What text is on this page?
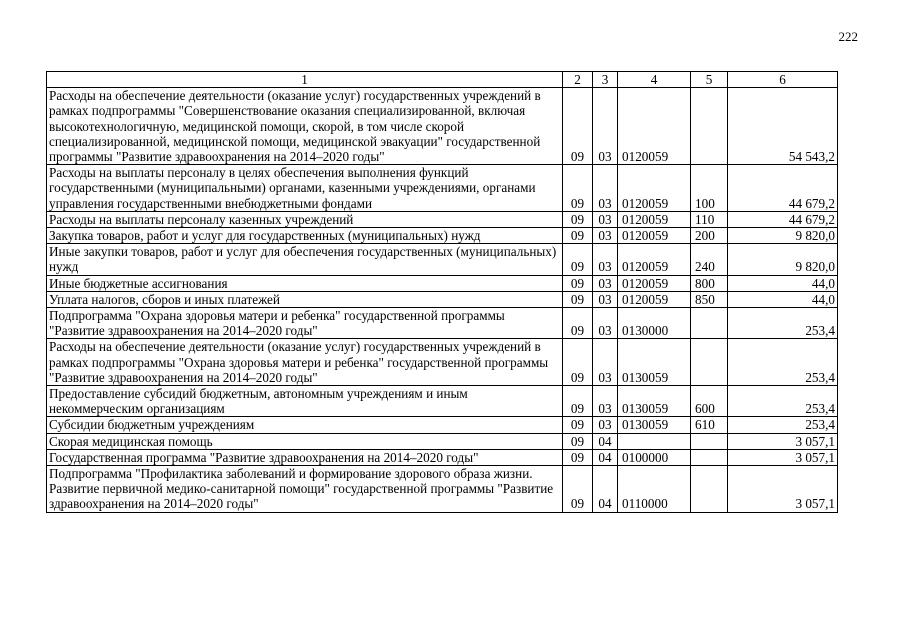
222
1	2	3	4	5	6
Расходы на обеспечение деятельности (оказание услуг) государственных учреждений в рамках подпрограммы "Совершенствование оказания специализированной, включая высокотехнологичную, медицинской помощи, скорой, в том числе скорой специализированной, медицинской помощи, медицинской эвакуации" государственной программы "Развитие здравоохранения на 2014–2020 годы"	09	03	0120059		54 543,2
Расходы на выплаты персоналу в целях обеспечения выполнения функций государственными (муниципальными) органами, казенными учреждениями, органами управления государственными внебюджетными фондами	09	03	0120059	100	44 679,2
Расходы на выплаты персоналу казенных учреждений	09	03	0120059	110	44 679,2
Закупка товаров, работ и услуг для государственных (муниципальных) нужд	09	03	0120059	200	9 820,0
Иные закупки товаров, работ и услуг для обеспечения государственных (муниципальных) нужд	09	03	0120059	240	9 820,0
Иные бюджетные ассигнования	09	03	0120059	800	44,0
Уплата налогов, сборов и иных платежей	09	03	0120059	850	44,0
Подпрограмма "Охрана здоровья матери и ребенка" государственной программы "Развитие здравоохранения на 2014–2020 годы"	09	03	0130000		253,4
Расходы на обеспечение деятельности (оказание услуг) государственных учреждений в рамках подпрограммы "Охрана здоровья матери и ребенка" государственной программы "Развитие здравоохранения на 2014–2020 годы"	09	03	0130059		253,4
Предоставление субсидий бюджетным, автономным учреждениям и иным некоммерческим организациям	09	03	0130059	600	253,4
Субсидии бюджетным учреждениям	09	03	0130059	610	253,4
Скорая медицинская помощь	09	04			3 057,1
Государственная программа "Развитие здравоохранения на 2014–2020 годы"	09	04	0100000		3 057,1
Подпрограмма "Профилактика заболеваний и формирование здорового образа жизни. Развитие первичной медико-санитарной помощи" государственной программы "Развитие здравоохранения на 2014–2020 годы"	09	04	0110000		3 057,1
